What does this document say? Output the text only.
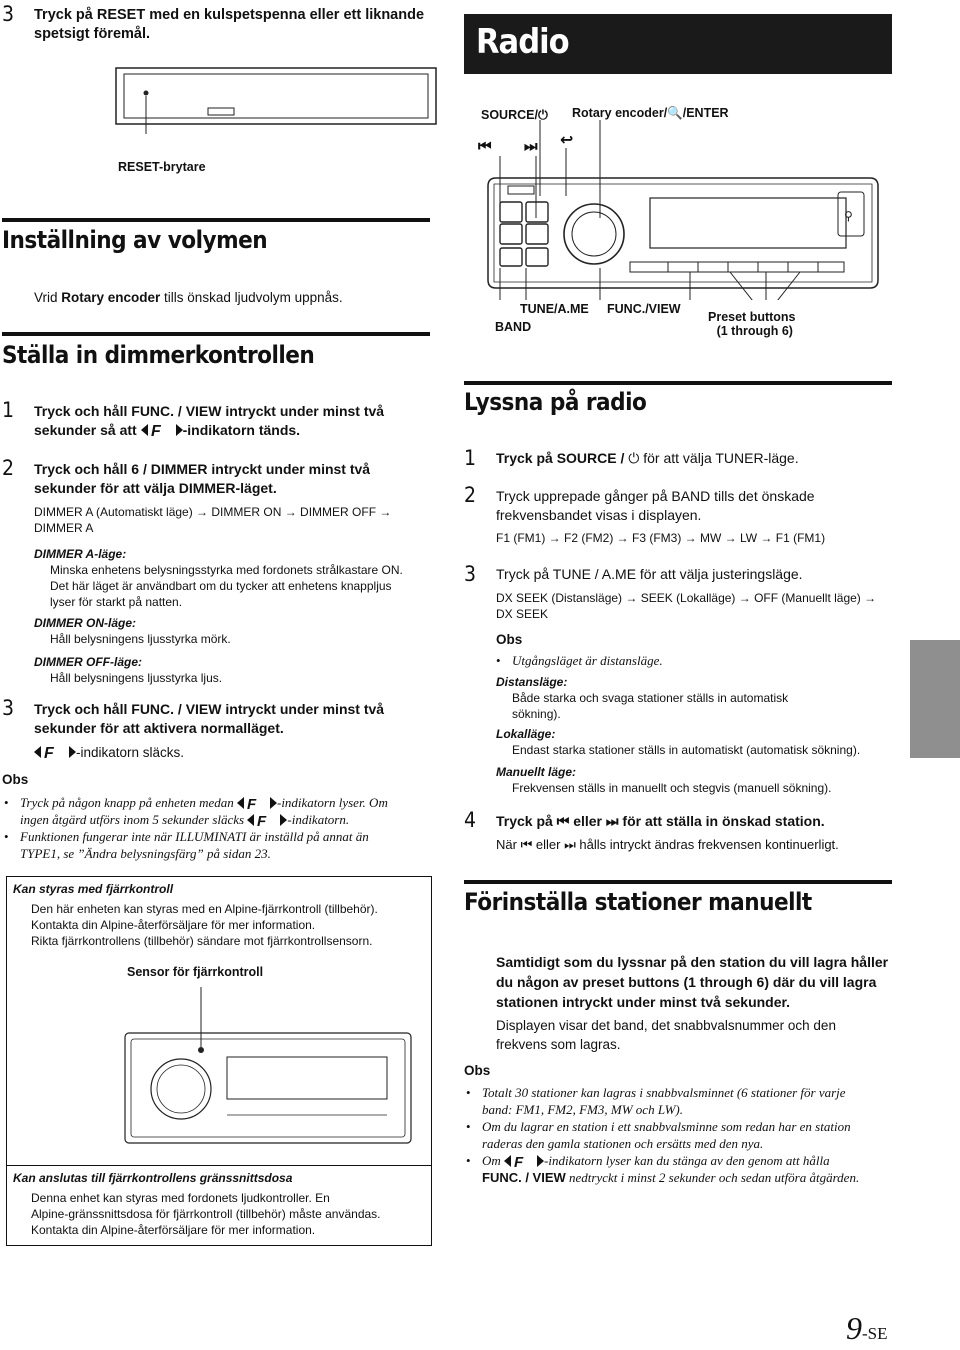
3 Tryck på RESET med en kulspetspenna eller ett liknande
spetsigt föremål.
RESET-brytare
Inställning av volymen
Vrid Rotary encoder tills önskad ljudvolym uppnås.
Ställa in dimmerkontrollen
1 Tryck och håll FUNC. / VIEW intryckt under minst två
sekunder så att F -indikatorn tänds.
2 Tryck och håll 6 / DIMMER intryckt under minst två
sekunder för att välja DIMMER-läget.
DIMMER A (Automatiskt läge) → DIMMER ON → DIMMER OFF →
DIMMER A
DIMMER A-läge:
Minska enhetens belysningsstyrka med fordonets strålkastare ON.
Det här läget är användbart om du tycker att enhetens knappljus
lyser för starkt på natten.
DIMMER ON-läge:
Håll belysningens ljusstyrka mörk.
DIMMER OFF-läge:
Håll belysningens ljusstyrka ljus.
3 Tryck och håll FUNC. / VIEW intryckt under minst två
sekunder för att aktivera normalläget.
F -indikatorn släcks.
Obs
• Tryck på någon knapp på enheten medan F -indikatorn lyser. Om
ingen åtgärd utförs inom 5 sekunder släcks F -indikatorn.
• Funktionen fungerar inte när ILLUMINATI är inställd på annat än
TYPE1, se ”Ändra belysningsfärg” på sidan 23.
Kan styras med fjärrkontroll
Den här enheten kan styras med en Alpine-fjärrkontroll (tillbehör).
Kontakta din Alpine-återförsäljare för mer information.
Rikta fjärrkontrollens (tillbehör) sändare mot fjärrkontrollsensorn.
Sensor för fjärrkontroll
Kan anslutas till fjärrkontrollens gränssnittsdosa
Denna enhet kan styras med fordonets ljudkontroller. En
Alpine-gränssnittsdosa för fjärrkontroll (tillbehör) måste användas.
Kontakta din Alpine-återförsäljare för mer information.
Radio
SOURCE/⏻ Rotary encoder/🔍/ENTER
⏮ ⏭ ↩
⚲
TUNE/A.ME
BAND
FUNC./VIEW
Preset buttons
(1 through 6)
Lyssna på radio
1 Tryck på SOURCE / ⏻ för att välja TUNER-läge.
2 Tryck upprepade gånger på BAND tills det önskade
frekvensbandet visas i displayen.
F1 (FM1) → F2 (FM2) → F3 (FM3) → MW → LW → F1 (FM1)
3 Tryck på TUNE / A.ME för att välja justeringsläge.
DX SEEK (Distansläge) → SEEK (Lokalläge) → OFF (Manuellt läge) →
DX SEEK
Obs
• Utgångsläget är distansläge.
Distansläge:
Både starka och svaga stationer ställs in automatisk
sökning).
Lokalläge:
Endast starka stationer ställs in automatiskt (automatisk sökning).
Manuellt läge:
Frekvensen ställs in manuellt och stegvis (manuell sökning).
4 Tryck på ⏮ eller ⏭ för att ställa in önskad station.
När ⏮ eller ⏭ hålls intryckt ändras frekvensen kontinuerligt.
Förinställa stationer manuellt
Samtidigt som du lyssnar på den station du vill lagra håller
du någon av preset buttons (1 through 6) där du vill lagra
stationen intryckt under minst två sekunder.
Displayen visar det band, det snabbvalsnummer och den
frekvens som lagras.
Obs
• Totalt 30 stationer kan lagras i snabbvalsminnet (6 stationer för varje
band: FM1, FM2, FM3, MW och LW).
• Om du lagrar en station i ett snabbvalsminne som redan har en station
raderas den gamla stationen och ersätts med den nya.
• Om F -indikatorn lyser kan du stänga av den genom att hålla
FUNC. / VIEW nedtryckt i minst 2 sekunder och sedan utföra åtgärden.
9-SE
